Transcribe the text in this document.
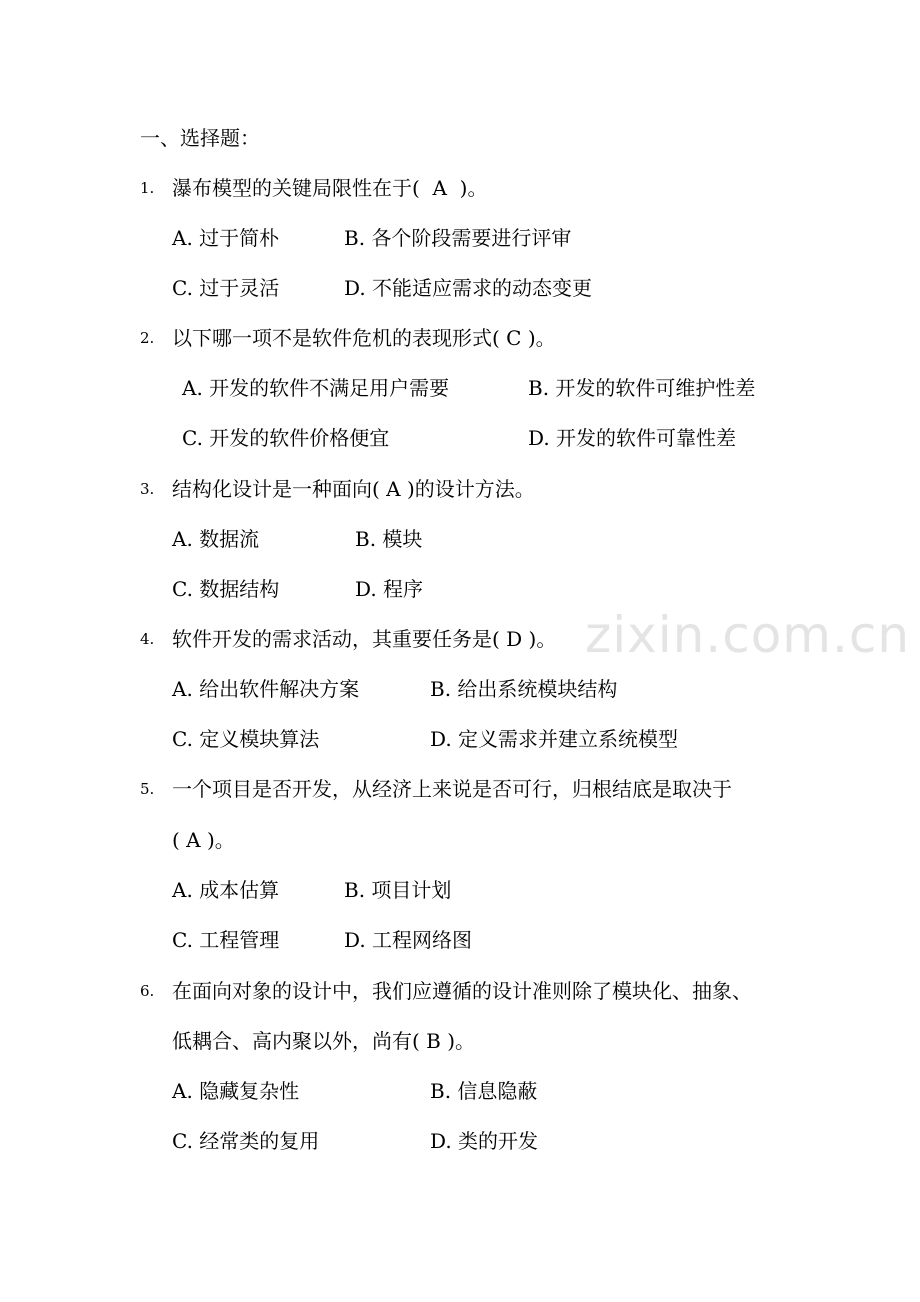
zixin.com.cn
一、选择题：
1. 瀑布模型的关键局限性在于(  A  )。
A. 过于简朴	B. 各个阶段需要进行评审
C. 过于灵活	D. 不能适应需求的动态变更
2. 以下哪一项不是软件危机的表现形式( C )。
A. 开发的软件不满足用户需要	B. 开发的软件可维护性差
C. 开发的软件价格便宜	D. 开发的软件可靠性差
3. 结构化设计是一种面向( A )的设计方法。
A. 数据流	B. 模块
C. 数据结构	D. 程序
4. 软件开发的需求活动，其重要任务是( D )。
A. 给出软件解决方案	B. 给出系统模块结构
C. 定义模块算法	D. 定义需求并建立系统模型
5. 一个项目是否开发，从经济上来说是否可行，归根结底是取决于
( A )。
A. 成本估算	B. 项目计划
C. 工程管理	D. 工程网络图
6. 在面向对象的设计中，我们应遵循的设计准则除了模块化、抽象、
低耦合、高内聚以外，尚有( B )。
A. 隐藏复杂性	B. 信息隐蔽
C. 经常类的复用	D. 类的开发
